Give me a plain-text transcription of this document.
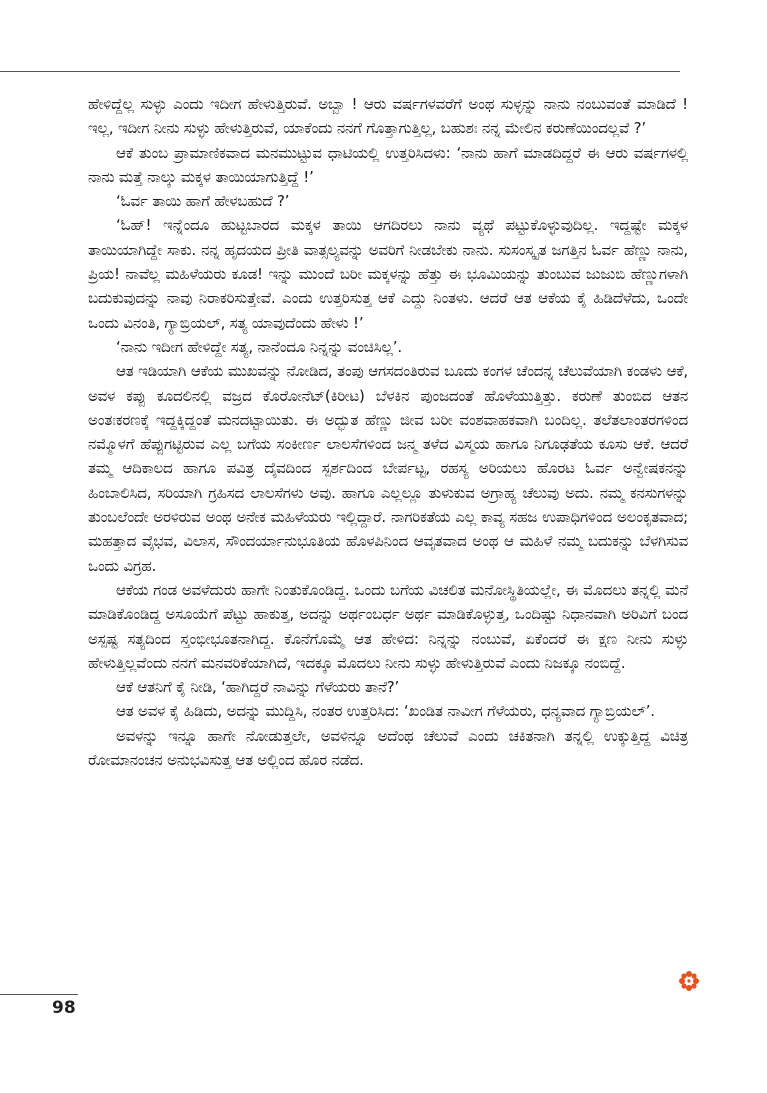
ಹೇಳಿದ್ದೆಲ್ಲ ಸುಳ್ಳು ಎಂದು ಇದೀಗ ಹೇಳುತ್ತಿರುವೆ. ಅಬ್ಬಾ ! ಆರು ವರ್ಷಗಳವರೆಗೆ ಅಂಥ ಸುಳ್ಳನ್ನು ನಾನು ನಂಬುವಂತೆ ಮಾಡಿದೆ ! ಇಲ್ಲ, ಇದೀಗ ನೀನು ಸುಳ್ಳು ಹೇಳುತ್ತಿರುವೆ, ಯಾಕೆಂದು ನನಗೆ ಗೊತ್ತಾಗುತ್ತಿಲ್ಲ, ಬಹುಶಃ ನನ್ನ ಮೇಲಿನ ಕರುಣೆಯಿಂದಲ್ಲವೆ ?’

ಆಕೆ ತುಂಬ ಪ್ರಾಮಾಣಿಕವಾದ ಮನಮುಟ್ಟುವ ಧಾಟಿಯಲ್ಲಿ ಉತ್ತರಿಸಿದಳು: ‘ನಾನು ಹಾಗೆ ಮಾಡದಿದ್ದರೆ ಈ ಆರು ವರ್ಷಗಳಲ್ಲಿ ನಾನು ಮತ್ತೆ ನಾಲ್ಕು ಮಕ್ಕಳ ತಾಯಿಯಾಗುತ್ತಿದ್ದೆ !’

‘ಓರ್ವ ತಾಯಿ ಹಾಗೆ ಹೇಳಬಹುದೆ ?’

‘ಓಹ್! ಇನ್ನೆಂದೂ ಹುಟ್ಟಬಾರದ ಮಕ್ಕಳ ತಾಯಿ ಆಗದಿರಲು ನಾನು ವ್ಯಥೆ ಪಟ್ಟುಕೊಳ್ಳುವುದಿಲ್ಲ. ಇದ್ದಷ್ಟೇ ಮಕ್ಕಳ ತಾಯಿಯಾಗಿದ್ದೇ ಸಾಕು. ನನ್ನ ಹೃದಯದ ಪ್ರೀತಿ ವಾತ್ಸಲ್ಯವನ್ನು ಅವರಿಗೆ ನೀಡಬೇಕು ನಾನು. ಸುಸಂಸ್ಕೃತ ಜಗತ್ತಿನ ಓರ್ವ ಹೆಣ್ಣು ನಾನು, ಪ್ರಿಯ! ನಾವೆಲ್ಲ ಮಹಿಳೆಯರು ಕೂಡ! ಇನ್ನು ಮುಂದೆ ಬರೀ ಮಕ್ಕಳನ್ನು ಹೆತ್ತು ಈ ಭೂಮಿಯನ್ನು ತುಂಬುವ ಜುಜುಬಿ ಹೆಣ್ಣುಗಳಾಗಿ ಬದುಕುವುದನ್ನು ನಾವು ನಿರಾಕರಿಸುತ್ತೇವೆ. ಎಂದು ಉತ್ತರಿಸುತ್ತ ಆಕೆ ಎದ್ದು ನಿಂತಳು. ಆದರೆ ಆತ ಆಕೆಯ ಕೈ ಹಿಡಿದೆಳೆದು, ಒಂದೇ ಒಂದು ವಿನಂತಿ, ಗ್ಯಾಬ್ರಿಯಲ್, ಸತ್ಯ ಯಾವುದೆಂದು ಹೇಳು !’

‘ನಾನು ಇದೀಗ ಹೇಳಿದ್ದೇ ಸತ್ಯ, ನಾನೆಂದೂ ನಿನ್ನನ್ನು ವಂಚಿಸಿಲ್ಲ’.

ಆತ ಇಡಿಯಾಗಿ ಆಕೆಯ ಮುಖವನ್ನು ನೋಡಿದ, ತಂಪು ಆಗಸದಂತಿರುವ ಬೂದು ಕಂಗಳ ಚೆಂದನ್ನ ಚೆಲುವೆಯಾಗಿ ಕಂಡಳು ಆಕೆ, ಅವಳ ಕಪ್ಪು ಕೂದಲಿನಲ್ಲಿ ವಜ್ರದ ಕೊರೋನೆಟ್(ಕಿರೀಟ) ಬೆಳಕಿನ ಪುಂಜದಂತೆ ಹೊಳೆಯುತ್ತಿತ್ತು. ಕರುಣೆ ತುಂಬಿದ ಆತನ ಅಂತಃಕರಣಕ್ಕೆ ಇದ್ದಕ್ಕಿದ್ದಂತೆ ಮನದಟ್ಟಾಯಿತು. ಈ ಅದ್ಭುತ ಹೆಣ್ಣು ಜೀವ ಬರೀ ವಂಶವಾಹಕವಾಗಿ ಬಂದಿಲ್ಲ. ತಲೆತಲಾಂತರಗಳಿಂದ ನಮ್ಮೊಳಗೆ ಹೆಪ್ಪುಗಟ್ಟಿರುವ ಎಲ್ಲ ಬಗೆಯ ಸಂಕೀರ್ಣ ಲಾಲಸೆಗಳಿಂದ ಜನ್ಮ ತಳೆದ ವಿಸ್ಮಯ ಹಾಗೂ ನಿಗೂಢತೆಯ ಕೂಸು ಆಕೆ. ಆದರೆ ತಮ್ಮ ಆದಿಕಾಲದ ಹಾಗೂ ಪವಿತ್ರ ದೈವದಿಂದ ಸ್ಪರ್ಶದಿಂದ ಬೇರ್ಪಟ್ಟ, ರಹಸ್ಯ ಅರಿಯಲು ಹೊರಟ ಓರ್ವ ಅನ್ವೇಷಕನನ್ನು ಹಿಂಬಾಲಿಸಿದ, ಸರಿಯಾಗಿ ಗ್ರಹಿಸದ ಲಾಲಸೆಗಳು ಅವು. ಹಾಗೂ ಎಲ್ಲಲ್ಲೂ ತುಳುಕುವ ಅಗ್ರಾಹ್ಯ ಚೆಲುವು ಅದು. ನಮ್ಮ ಕನಸುಗಳನ್ನು ತುಂಬಲೆಂದೇ ಅರಳಿರುವ ಅಂಥ ಅನೇಕ ಮಹಿಳೆಯರು ಇಲ್ಲಿದ್ದಾರೆ. ನಾಗರಿಕತೆಯ ಎಲ್ಲ ಕಾವ್ಯ ಸಹಜ ಉಪಾಧಿಗಳಿಂದ ಅಲಂಕೃತವಾದ; ಮಹತ್ತಾದ ವೈಭವ, ವಿಲಾಸ, ಸೌಂದರ್ಯಾನುಭೂತಿಯ ಹೊಳಪಿನಿಂದ ಆವೃತವಾದ ಅಂಥ ಆ ಮಹಿಳೆ ನಮ್ಮ ಬದುಕನ್ನು ಬೆಳಗಿಸುವ ಒಂದು ವಿಗ್ರಹ.

ಆಕೆಯ ಗಂಡ ಅವಳೆದುರು ಹಾಗೇ ನಿಂತುಕೊಂಡಿದ್ದ. ಒಂದು ಬಗೆಯ ವಿಚಲಿತ ಮನೋಸ್ಥಿತಿಯಲ್ಲೇ, ಈ ಮೊದಲು ತನ್ನಲ್ಲಿ ಮನೆ ಮಾಡಿಕೊಂಡಿದ್ದ ಅಸೂಯೆಗೆ ಪೆಟ್ಟು ಹಾಕುತ್ತ, ಅದನ್ನು ಅರ್ಥಂಬರ್ಧ ಅರ್ಥ ಮಾಡಿಕೊಳ್ಳುತ್ತ, ಒಂದಿಷ್ಟು ನಿಧಾನವಾಗಿ ಅರಿವಿಗೆ ಬಂದ ಅಸ್ಪಷ್ಟ ಸತ್ಯದಿಂದ ಸ್ತಂಭೀಭೂತನಾಗಿದ್ದ. ಕೊನೆಗೊಮ್ಮೆ ಆತ ಹೇಳಿದ: ನಿನ್ನನ್ನು ನಂಬುವೆ, ಏಕೆಂದರೆ ಈ ಕ್ಷಣ ನೀನು ಸುಳ್ಳು ಹೇಳುತ್ತಿಲ್ಲವೆಂದು ನನಗೆ ಮನವರಿಕೆಯಾಗಿದೆ, ಇದಕ್ಕೂ ಮೊದಲು ನೀನು ಸುಳ್ಳು ಹೇಳುತ್ತಿರುವೆ ಎಂದು ನಿಜಕ್ಕೂ ನಂಬಿದ್ದೆ.

ಆಕೆ ಆತನಿಗೆ ಕೈ ನೀಡಿ, ‘ಹಾಗಿದ್ದರೆ ನಾವಿನ್ನು ಗೆಳೆಯರು ತಾನೆ?’

ಆತ ಅವಳ ಕೈ ಹಿಡಿದು, ಅದನ್ನು ಮುದ್ದಿಸಿ, ನಂತರ ಉತ್ತರಿಸಿದ: ‘ಖಂಡಿತ ನಾವೀಗ ಗೆಳೆಯರು, ಧನ್ಯವಾದ ಗ್ಯಾಬ್ರಿಯಲ್’.

ಅವಳನ್ನು ಇನ್ನೂ ಹಾಗೇ ನೋಡುತ್ತಲೇ, ಅವಳಿನ್ನೂ ಅದೆಂಥ ಚೆಲುವೆ ಎಂದು ಚಕಿತನಾಗಿ ತನ್ನಲ್ಲಿ ಉಕ್ಕುತ್ತಿದ್ದ ವಿಚಿತ್ರ ರೋಮಾನಂಚನ ಅನುಭವಿಸುತ್ತ ಆತ ಅಲ್ಲಿಂದ ಹೊರ ನಡೆದ.

98
